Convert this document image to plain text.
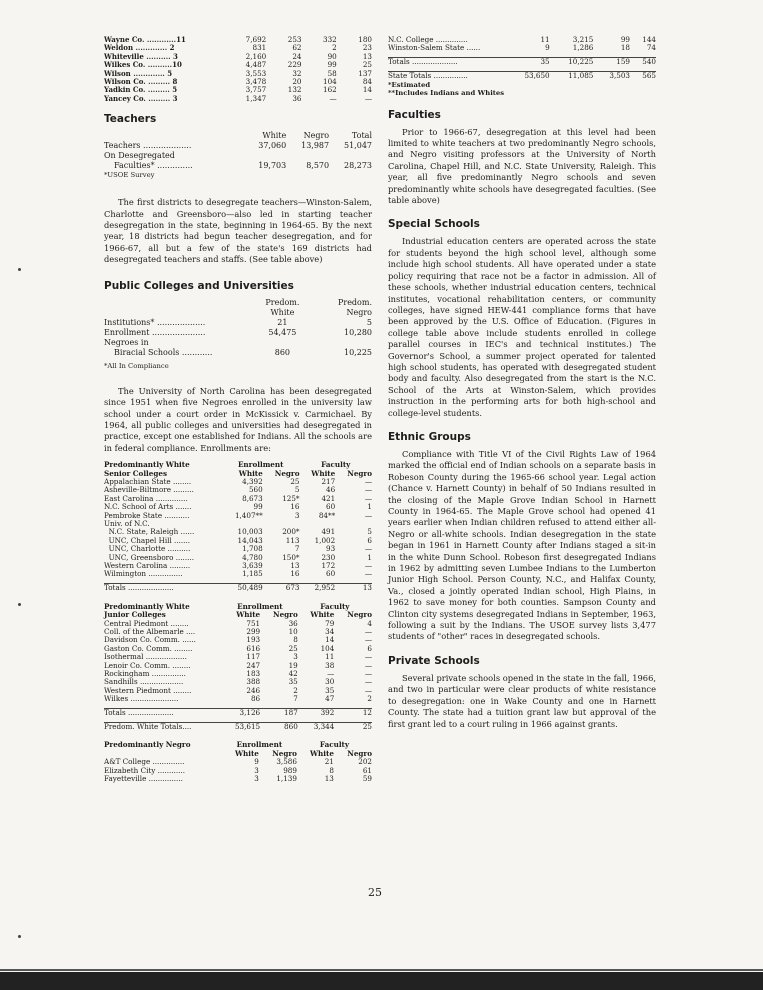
Wayne Co. ............11	7,692	253	332	180
Weldon ............. 2	831	62	2	23
Whiteville .......... 3	2,160	24	90	13
Wilkes Co. ..........10	4,487	229	99	25
Wilson ............. 5	3,553	32	58	137
Wilson Co. ......... 8	3,478	20	104	84
Yadkin Co. ......... 5	3,757	132	162	14
Yancey Co. ......... 3	1,347	36	—	—
Teachers
	White	Negro	Total
Teachers ...................	37,060	13,987	51,047
On Desegregated			
Faculties* ..............	19,703	8,570	28,273
*USOE Survey

The first districts to desegregate teachers—Winston-Salem, Charlotte and Greensboro—also led in starting teacher desegregation in the state, beginning in 1964-65. By the next year, 18 districts had begun teacher desegregation, and for 1966-67, all but a few of the state's 169 districts had desegregated teachers and staffs. (See table above)

Public Colleges and Universities
	Predom. White	Predom. Negro
Institutions* ...................	21	5
Enrollment .....................	54,475	10,280
Negroes in		
Biracial Schools ............	860	10,225
*All In Compliance

The University of North Carolina has been desegregated since 1951 when five Negroes enrolled in the university law school under a court order in McKissick v. Carmichael. By 1964, all public colleges and universities had desegregated in practice, except one established for Indians. All the schools are in federal compliance. Enrollments are:

Predominantly White	Enrollment		Faculty	
Senior Colleges	White	Negro	White	Negro
Appalachian State ........	4,392	25	217	—
Asheville-Biltmore .........	560	5	46	—
East Carolina ..............	8,673	125*	421	—
N.C. School of Arts .......	99	16	60	1
Pembroke State ...........	1,407**	3	84**	—
Univ. of N.C.				
N.C. State, Raleigh ......	10,003	200*	491	5
UNC, Chapel Hill .......	14,043	113	1,002	6
UNC, Charlotte ..........	1,708	7	93	—
UNC, Greensboro ........	4,780	150*	230	1
Western Carolina .........	3,639	13	172	—
Wilmington ...............	1,185	16	60	—

Totals ....................	50,489	673	2,952	13
Predominantly White	Enrollment		Faculty	
Junior Colleges	White	Negro	White	Negro
Central Piedmont ........	751	36	79	4
Coll. of the Albemarle ....	299	10	34	—
Davidson Co. Comm. ......	193	8	14	—
Gaston Co. Comm. ........	616	25	104	6
Isothermal ..................	117	3	11	—
Lenoir Co. Comm. ........	247	19	38	—
Rockingham ...............	183	42	—	—
Sandhills ...................	388	35	30	—
Western Piedmont ........	246	2	35	—
Wilkes .....................	86	7	47	2

Totals ....................	3,126	187	392	12

Predom. White Totals....	53,615	860	3,344	25
Predominantly Negro	Enrollment		Faculty	
	White	Negro	White	Negro
A&T College ..............	9	3,586	21	202
Elizabeth City ............	3	989	8	61
Fayetteville ...............	3	1,139	13	59
N.C. College ..............	11	3,215	99	144
Winston-Salem State ......	9	1,286	18	74

Totals ....................	35	10,225	159	540

State Totals ...............	53,650	11,085	3,503	565
*Estimated
**Includes Indians and Whites
Faculties

Prior to 1966-67, desegregation at this level had been limited to white teachers at two predominantly Negro schools, and Negro visiting professors at the University of North Carolina, Chapel Hill, and N.C. State University, Raleigh. This year, all five predominantly Negro schools and seven predominantly white schools have desegregated faculties. (See table above)

Special Schools

Industrial education centers are operated across the state for students beyond the high school level, although some include high school students. All have operated under a state policy requiring that race not be a factor in admission. All of these schools, whether industrial education centers, technical institutes, vocational rehabilitation centers, or community colleges, have signed HEW-441 compliance forms that have been approved by the U.S. Office of Education. (Figures in college table above include students enrolled in college parallel courses in IEC's and technical institutes.) The Governor's School, a summer project operated for talented high school students, has operated with desegregated student body and faculty. Also desegregated from the start is the N.C. School of the Arts at Winston-Salem, which provides instruction in the performing arts for both high-school and college-level students.

Ethnic Groups

Compliance with Title VI of the Civil Rights Law of 1964 marked the official end of Indian schools on a separate basis in Robeson County during the 1965-66 school year. Legal action (Chance v. Harnett County) in behalf of 50 Indians resulted in the closing of the Maple Grove Indian School in Harnett County in 1964-65. The Maple Grove school had opened 41 years earlier when Indian children refused to attend either all-Negro or all-white schools. Indian desegregation in the state began in 1961 in Harnett County after Indians staged a sit-in in the white Dunn School. Robeson first desegregated Indians in 1962 by admitting seven Lumbee Indians to the Lumberton Junior High School. Person County, N.C., and Halifax County, Va., closed a jointly operated Indian school, High Plains, in 1962 to save money for both counties. Sampson County and Clinton city systems desegregated Indians in September, 1963, following a suit by the Indians. The USOE survey lists 3,477 students of "other" races in desegregated schools.

Private Schools

Several private schools opened in the state in the fall, 1966, and two in particular were clear products of white resistance to desegregation: one in Wake County and one in Harnett County. The state had a tuition grant law but approval of the first grant led to a court ruling in 1966 against grants.

25
